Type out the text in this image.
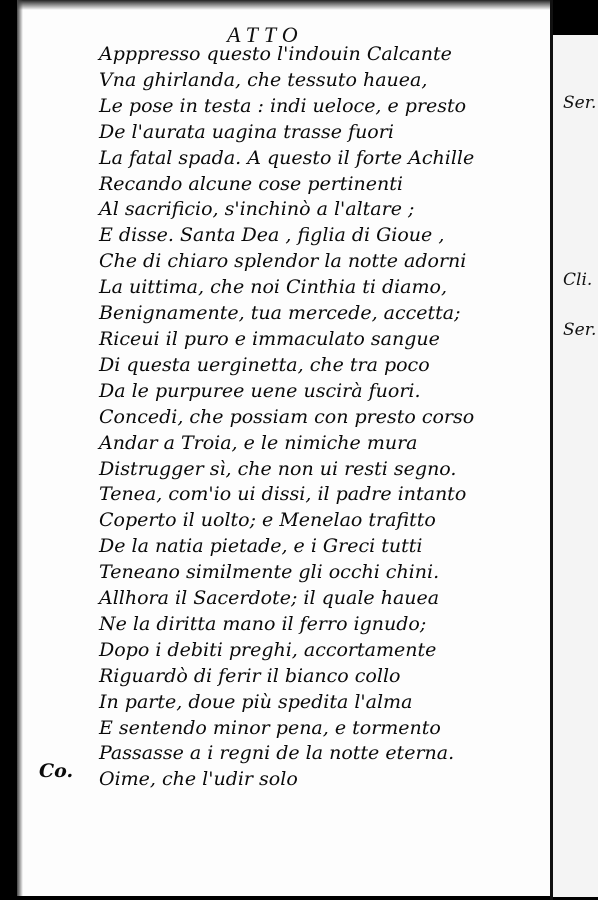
ATTO
Apppresso questo l'indouin Calcante
Vna ghirlanda, che tessuto hauea,
Le pose in testa : indi ueloce, e presto
De l'aurata uagina trasse fuori
La fatal spada. A questo il forte Achille
Recando alcune cose pertinenti
Al sacrificio, s'inchinò a l'altare ;
E disse. Santa Dea , figlia di Gioue ,
Che di chiaro splendor la notte adorni
La uittima, che noi Cinthia ti diamo,
Benignamente, tua mercede, accetta;
Riceui il puro e immaculato sangue
Di questa uerginetta, che tra poco
Da le purpuree uene uscirà fuori.
Concedi, che possiam con presto corso
Andar a Troia, e le nimiche mura
Distrugger sì, che non ui resti segno.
Tenea, com'io ui dissi, il padre intanto
Coperto il uolto; e Menelao trafitto
De la natia pietade, e i Greci tutti
Teneano similmente gli occhi chini.
Allhora il Sacerdote; il quale hauea
Ne la diritta mano il ferro ignudo;
Dopo i debiti preghi, accortamente
Riguardò di ferir il bianco collo
In parte, doue più spedita l'alma
E sentendo minor pena, e tormento
Passasse a i regni de la notte eterna.
Oime, che l'udir solo
Co.
Ser.
Cli.
Ser.
